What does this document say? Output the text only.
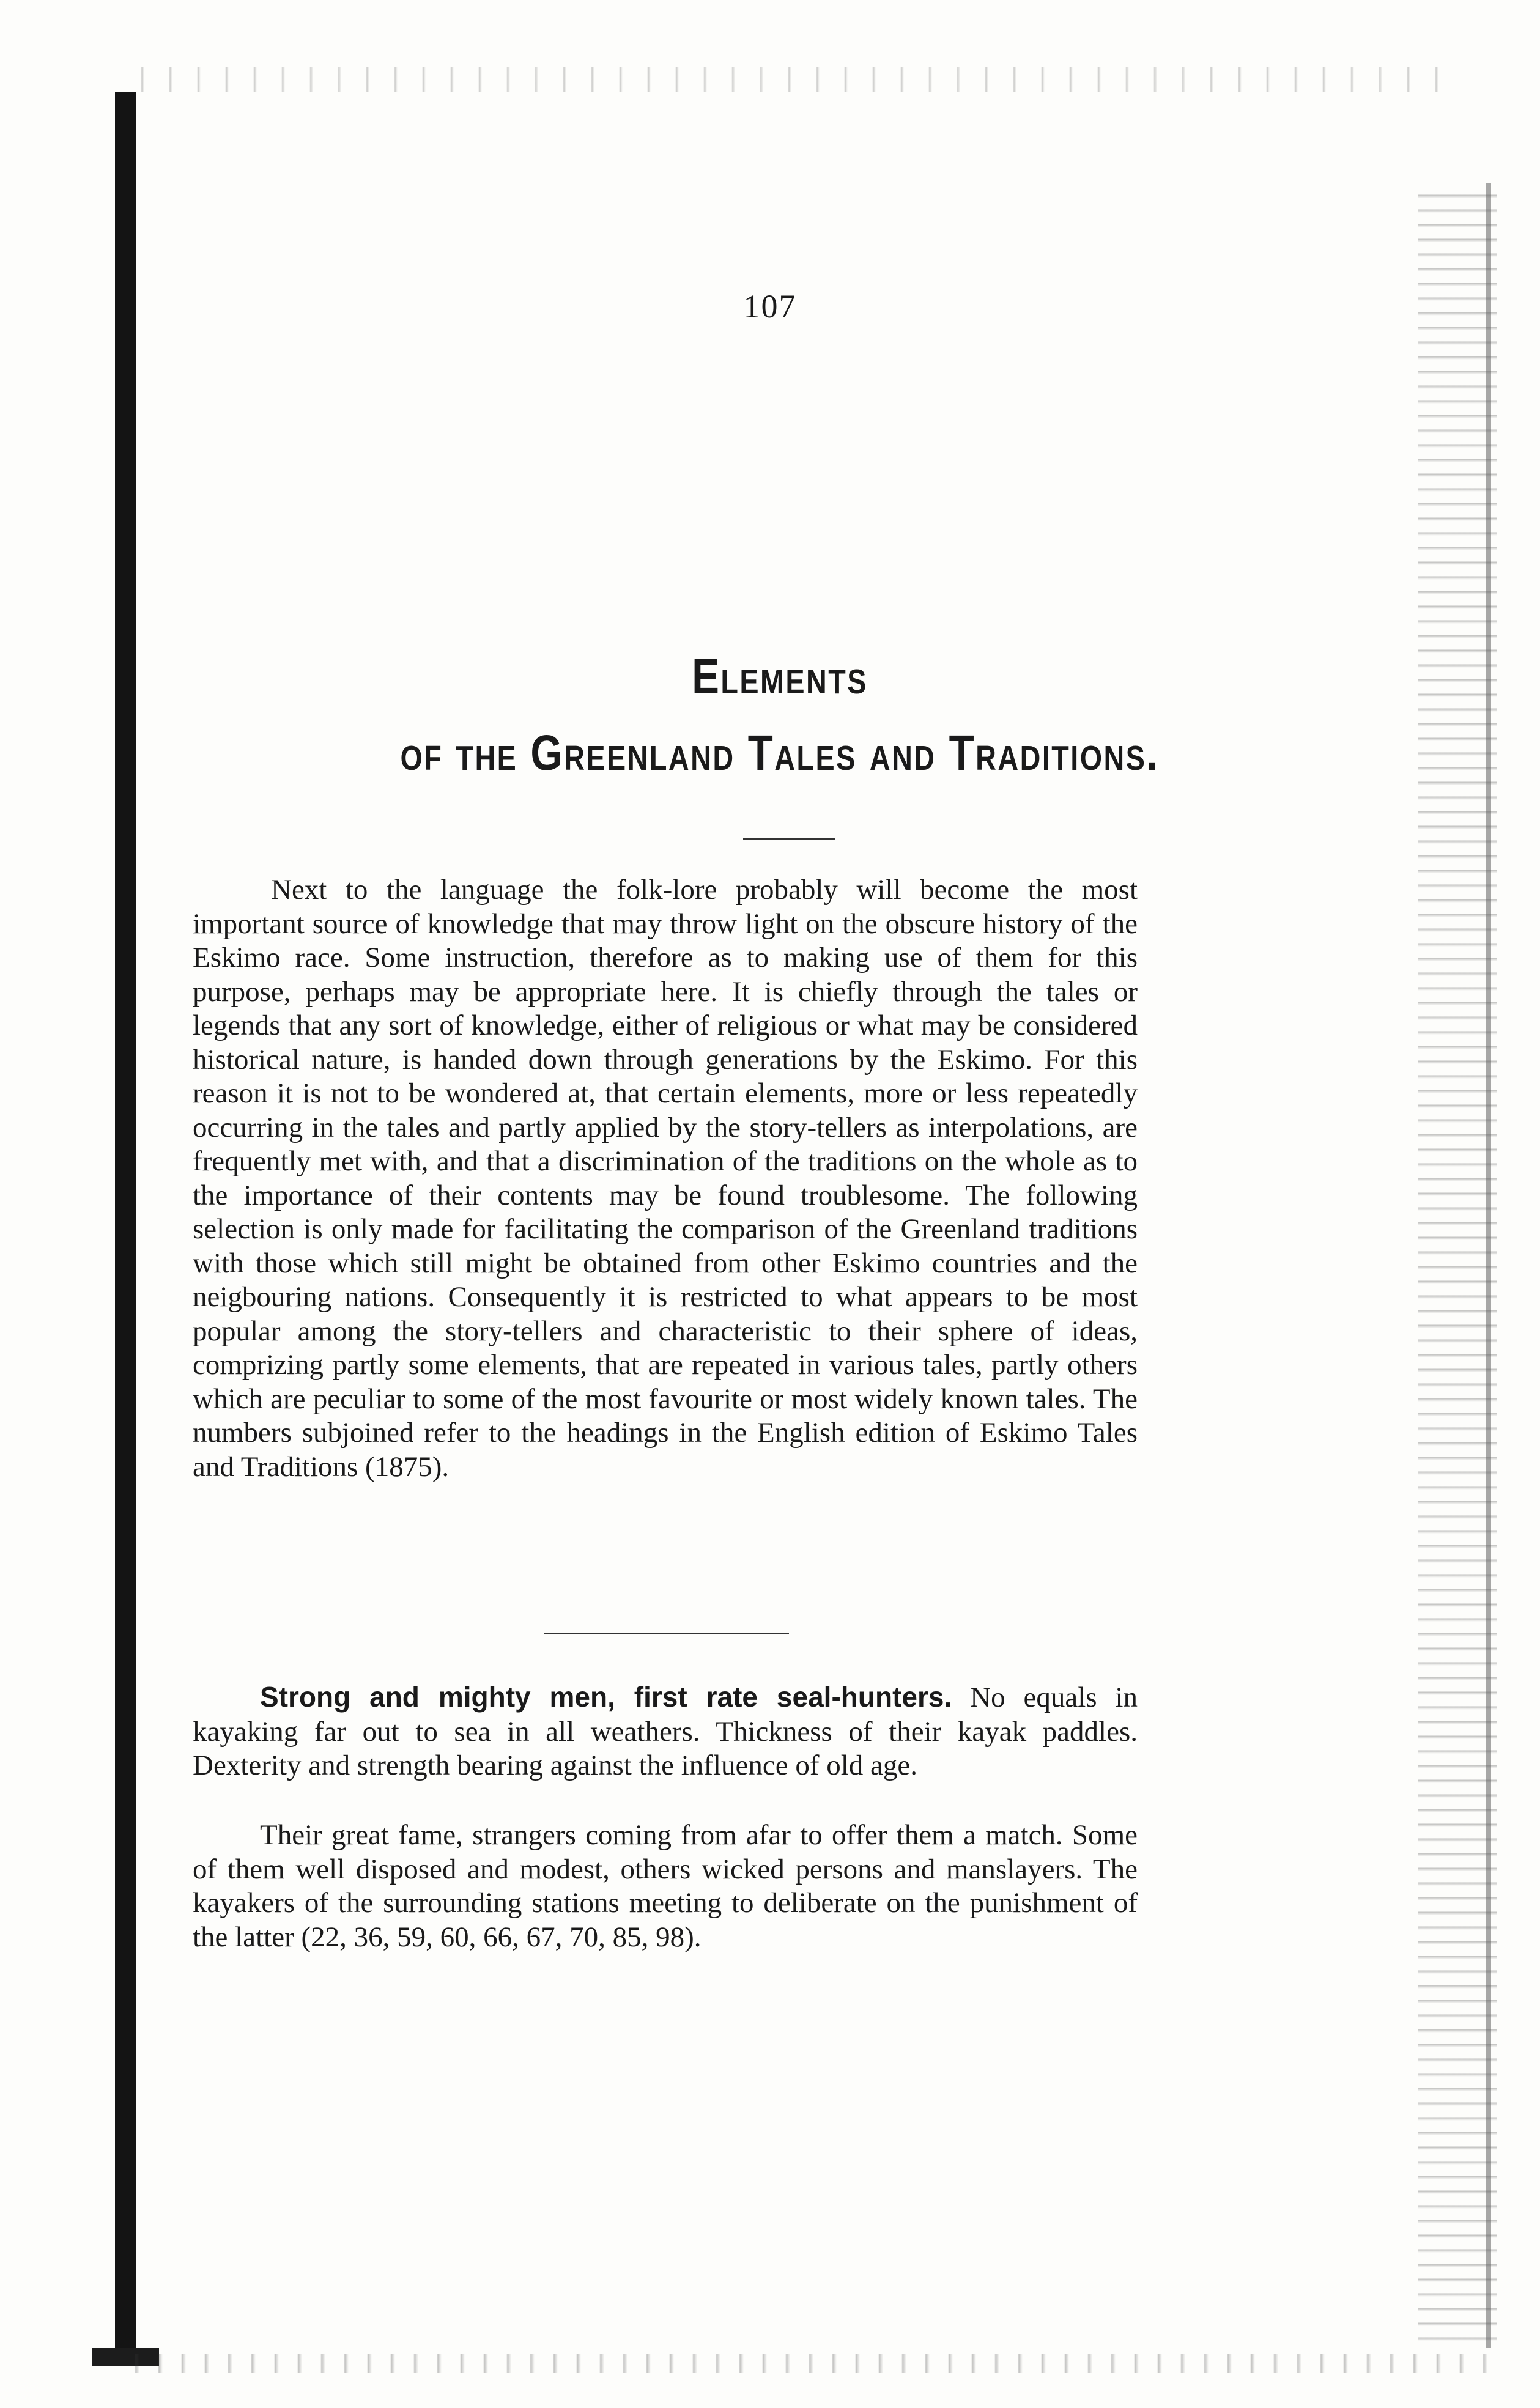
107
Elements
of the Greenland Tales and Traditions.

Next to the language the folk-lore probably will become the most important source of knowledge that may throw light on the obscure history of the Eskimo race. Some instruction, therefore as to making use of them for this purpose, perhaps may be appropriate here. It is chiefly through the tales or legends that any sort of knowledge, either of religious or what may be considered historical nature, is handed down through generations by the Eskimo. For this reason it is not to be wondered at, that certain elements, more or less repeatedly occurring in the tales and partly applied by the story-tellers as interpolations, are frequently met with, and that a discrimination of the traditions on the whole as to the importance of their contents may be found troublesome. The following selection is only made for facilitating the comparison of the Greenland traditions with those which still might be obtained from other Eskimo countries and the neigbouring nations. Consequently it is restricted to what appears to be most popular among the story-tellers and characteristic to their sphere of ideas, comprizing partly some elements, that are repeated in various tales, partly others which are peculiar to some of the most favourite or most widely known tales. The numbers subjoined refer to the headings in the English edition of Eskimo Tales and Traditions (1875).

Strong and mighty men, first rate seal-hunters. No equals in kayaking far out to sea in all weathers. Thickness of their kayak paddles. Dexterity and strength bearing against the influence of old age.

Their great fame, strangers coming from afar to offer them a match. Some of them well disposed and modest, others wicked persons and manslayers. The kayakers of the surrounding stations meeting to deliberate on the punishment of the latter (22, 36, 59, 60, 66, 67, 70, 85, 98).
